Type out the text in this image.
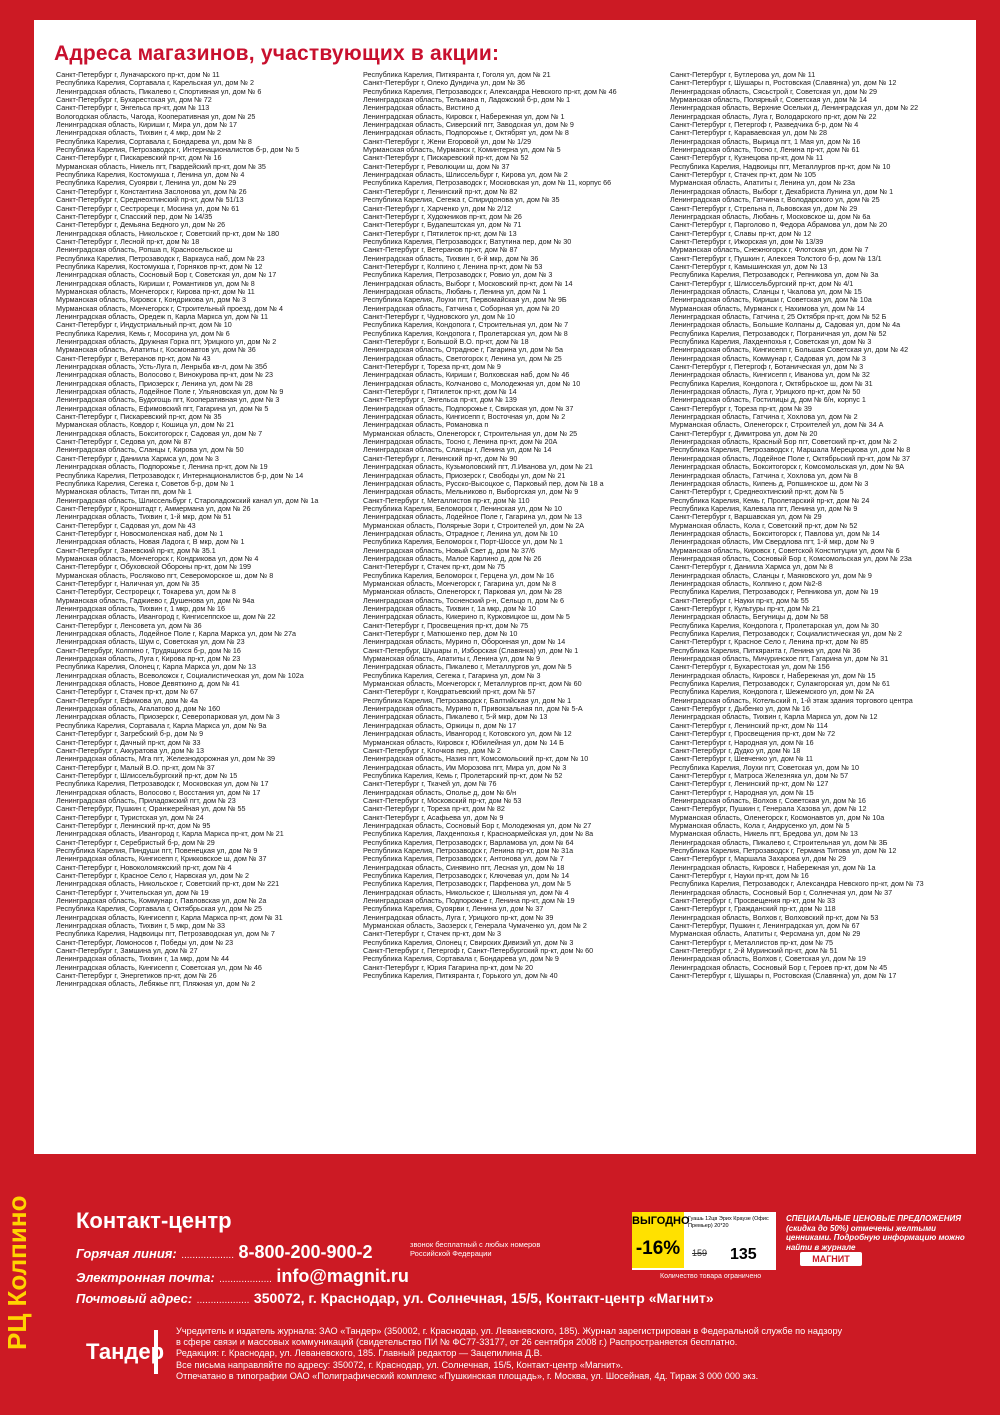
Адреса магазинов, участвующих в акции:
Санкт-Петербург г, Луначарского пр-кт, дом № 11
Республика Карелия, Сортавала г, Карельская ул, дом № 2
Ленинградская область, Пикалево г, Спортивная ул, дом № 6
Санкт-Петербург г, Бухарестская ул, дом № 72
Санкт-Петербург г, Энгельса пр-кт, дом № 113
Вологодская область, Чагода, Кооперативная ул, дом № 25
Ленинградская область, Кириши г, Мира ул, дом № 17
Ленинградская область, Тихвин г, 4 мкр, дом № 2
Республика Карелия, Сортавала г, Бондарева ул, дом № 8
Республика Карелия, Петрозаводск г, Интернационалистов б-р, дом № 5
Санкт-Петербург г, Пискаревский пр-кт, дом № 16
Мурманская область, Никель пгт, Гвардейский пр-кт, дом № 35
Республика Карелия, Костомукша г, Ленина ул, дом № 4
Республика Карелия, Суоярви г, Ленина ул, дом № 29
Санкт-Петербург г, Константина Заслонова ул, дом № 26
Санкт-Петербург г, Среднеохтинский пр-кт, дом № 51/13
Санкт-Петербург г, Сестрорецк г, Мосина ул, дом № 61
Санкт-Петербург г, Спасский пер, дом № 14/35
Санкт-Петербург г, Демьяна Бедного ул, дом № 26
Ленинградская область, Никольское г, Советский пр-кт, дом № 180
Санкт-Петербург г, Лесной пр-кт, дом № 18
Ленинградская область, Ропша п, Красносельское ш
Республика Карелия, Петрозаводск г, Варкауса наб, дом № 23
Республика Карелия, Костомукша г, Горняков пр-кт, дом № 12
Ленинградская область, Сосновый Бор г, Советская ул, дом № 17
Ленинградская область, Кириши г, Романтиков ул, дом № 8
Мурманская область, Мончегорск г, Кирова пр-кт, дом № 11
Мурманская область, Кировск г, Кондрикова ул, дом № 3
Мурманская область, Мончегорск г, Строительный проезд, дом № 4
Ленинградская область, Оредеж п, Карла Маркса ул, дом № 11
Санкт-Петербург г, Индустриальный пр-кт, дом № 10
Республика Карелия, Кемь г, Мосорина ул, дом № 6
Ленинградская область, Дружная Горка пгт, Урицкого ул, дом № 2
Мурманская область, Апатиты г, Космонавтов ул, дом № 36
Санкт-Петербург г, Ветеранов пр-кт, дом № 43
Ленинградская область, Усть-Луга п, Ленрыба кв-л, дом № 35б
Ленинградская область, Волосово г, Винокурова пр-кт, дом № 23
Ленинградская область, Приозерск г, Ленина ул, дом № 28
Ленинградская область, Лодейное Поле г, Ульяновская ул, дом № 9
Ленинградская область, Будогощь пгт, Кооперативная ул, дом № 3
Ленинградская область, Ефимовский пгт, Гагарина ул, дом № 5
Санкт-Петербург г, Пискаревский пр-кт, дом № 35
Мурманская область, Ковдор г, Кошица ул, дом № 21
Ленинградская область, Бокситогорск г, Садовая ул, дом № 7
Санкт-Петербург г, Седова ул, дом № 87
Ленинградская область, Сланцы г, Кирова ул, дом № 50
Санкт-Петербург г, Даниила Хармса ул, дом № 3
Ленинградская область, Подпорожье г, Ленина пр-кт, дом № 19
Республика Карелия, Петрозаводск г, Интернационалистов б-р, дом № 14
Республика Карелия, Сегежа г, Советов б-р, дом № 1
Мурманская область, Титан пп, дом № 1
Ленинградская область, Шлиссельбург г, Староладожский канал ул, дом № 1а
Санкт-Петербург г, Кронштадт г, Аммермана ул, дом № 26
Ленинградская область, Тихвин г, 1-й мкр, дом № 51
Санкт-Петербург г, Садовая ул, дом № 43
Санкт-Петербург г, Новосмоленская наб, дом № 1
Ленинградская область, Новая Ладога г, В мкр, дом № 1
Санкт-Петербург г, Заневский пр-кт, дом № 35.1
Мурманская область, Мончегорск г, Кондрикова ул, дом № 4
Санкт-Петербург г, Обуховской Обороны пр-кт, дом № 199
Мурманская область, Росляково пгт, Североморское ш, дом № 8
Санкт-Петербург г, Наличная ул, дом № 35
Санкт-Петербург, Сестрорецк г, Токарева ул, дом № 8
Мурманская область, Гаджиево г, Душенова ул, дом № 94а
Ленинградская область, Тихвин г, 1 мкр, дом № 16
Ленинградская область, Ивангород г, Кингисеппское ш, дом № 22
Санкт-Петербург г, Ленсовета ул, дом № 36
Ленинградская область, Лодейное Поле г, Карла Маркса ул, дом № 27а
Ленинградская область, Шум с, Советская ул, дом № 23
Санкт-Петербург, Колпино г, Трудящихся б-р, дом № 16
Ленинградская область, Луга г, Кирова пр-кт, дом № 23
Республика Карелия, Олонец г, Карла Маркса ул, дом № 13
Ленинградская область, Всеволожск г, Социалистическая ул, дом № 102а
Ленинградская область, Новое Девяткино д, дом № 41
Санкт-Петербург г, Стачек пр-кт, дом № 67
Санкт-Петербург г, Ефимова ул, дом № 4а
Ленинградская область, Агалатово д, дом № 160
Ленинградская область, Приозерск г, Северопарковая ул, дом № 3
Республика Карелия, Сортавала г, Карла Маркса ул, дом № 9а
Санкт-Петербург г, Загребский б-р, дом № 9
Санкт-Петербург г, Дачный пр-кт, дом № 33
Санкт-Петербург г, Аккуратова ул, дом № 13
Ленинградская область, Мга пгт, Железнодорожная ул, дом № 39
Санкт-Петербург г, Малый В.О. пр-кт, дом № 37
Санкт-Петербург г, Шлиссельбургский пр-кт, дом № 15
Республика Карелия, Петрозаводск г, Московская ул, дом № 17
Ленинградская область, Волосово г, Восстания ул, дом № 17
Ленинградская область, Приладожский пгт, дом № 23
Санкт-Петербург, Пушкин г, Оранжерейная ул, дом № 55
Санкт-Петербург г, Туристская ул, дом № 24
Санкт-Петербург г, Ленинский пр-кт, дом № 95
Ленинградская область, Ивангород г, Карла Маркса пр-кт, дом № 21
Санкт-Петербург г, Серебристый б-р, дом № 29
Республика Карелия, Пиндуши пгт, Повенецкая ул, дом № 9
Ленинградская область, Кингисепп г, Крикковское ш, дом № 37
Санкт-Петербург г, Новоколомяжский пр-кт, дом № 4
Санкт-Петербург г, Красное Село г, Нарвская ул, дом № 2
Ленинградская область, Никольское г, Советский пр-кт, дом № 221
Санкт-Петербург г, Учительская ул, дом № 19
Ленинградская область, Коммунар г, Павловская ул, дом № 2а
Республика Карелия, Сортавала г, Октябрьская ул, дом № 25
Ленинградская область, Кингисепп г, Карла Маркса пр-кт, дом № 31
Ленинградская область, Тихвин г, 5 мкр, дом № 33
Республика Карелия, Надвоицы пгт, Петрозаводская ул, дом № 7
Санкт-Петербург, Ломоносов г, Победы ул, дом № 23
Санкт-Петербург г, Замшина ул, дом № 27
Ленинградская область, Тихвин г, 1а мкр, дом № 44
Ленинградская область, Кингисепп г, Советская ул, дом № 46
Санкт-Петербург г, Энергетиков пр-кт, дом № 26
Ленинградская область, Лебяжье пгт, Пляжная ул, дом № 2
Республика Карелия, Питкяранта г, Гоголя ул, дом № 21
Санкт-Петербург г, Олеко Дундича ул, дом № 36
Республика Карелия, Петрозаводск г, Александра Невского пр-кт, дом № 46
Ленинградская область, Тельмана п, Ладожский б-р, дом № 1
Ленинградская область, Вистино д
Ленинградская область, Кировск г, Набережная ул, дом № 1
Ленинградская область, Сиверский пгт, Заводская ул, дом № 9
Ленинградская область, Подпорожье г, Октябрят ул, дом № 8
Санкт-Петербург г, Жени Егоровой ул, дом № 1/29
Мурманская область, Мурманск г, Коминтерна ул, дом № 5
Санкт-Петербург г, Пискаревский пр-кт, дом № 52
Санкт-Петербург г, Революции ш, дом № 37
Ленинградская область, Шлиссельбург г, Кирова ул, дом № 2
Республика Карелия, Петрозаводск г, Московская ул, дом № 11, корпус 66
Санкт-Петербург г, Ленинский пр-кт, дом № 82
Республика Карелия, Сегежа г, Спиридонова ул, дом № 35
Санкт-Петербург г, Харченко ул, дом № 2/12
Санкт-Петербург г, Художников пр-кт, дом № 26
Санкт-Петербург г, Будапештская ул, дом № 71
Санкт-Петербург г, Пятилеток пр-кт, дом № 13
Республика Карелия, Петрозаводск г, Ватутина пер, дом № 30
Санкт-Петербург г, Ветеранов пр-кт, дом № 87
Ленинградская область, Тихвин г, 6-й мкр, дом № 36
Санкт-Петербург г, Колпино г, Ленина пр-кт, дом № 53
Республика Карелия, Петрозаводск г, Ровио ул, дом № 3
Ленинградская область, Выборг г, Московский пр-кт, дом № 14
Ленинградская область, Любань г, Ленина ул, дом № 1
Республика Карелия, Лоухи пгт, Первомайская ул, дом № 9Б
Ленинградская область, Гатчина г, Соборная ул, дом № 20
Санкт-Петербург г, Чудновского ул, дом № 10
Республика Карелия, Кондопога г, Строительная ул, дом № 7
Республика Карелия, Кондопога г, Пролетарская ул, дом № 8
Санкт-Петербург г, Большой В.О. пр-кт, дом № 18
Ленинградская область, Отрадное г, Гагарина ул, дом № 5а
Ленинградская область, Светогорск г, Ленина ул, дом № 25
Санкт-Петербург г, Тореза пр-кт, дом № 9
Ленинградская область, Кириши г, Волховская наб, дом № 46
Ленинградская область, Колчаново с, Молодежная ул, дом № 10
Санкт-Петербург г, Пятилеток пр-кт, дом № 14
Санкт-Петербург г, Энгельса пр-кт, дом № 139
Ленинградская область, Подпорожье г, Свирская ул, дом № 37
Ленинградская область, Кингисепп г, Восточная ул, дом № 2
Ленинградская область, Романовка п
Мурманская область, Оленегорск г, Строительная ул, дом № 25
Ленинградская область, Тосно г, Ленина пр-кт, дом № 20А
Ленинградская область, Сланцы г, Ленина ул, дом № 14
Санкт-Петербург г, Ленинский пр-кт, дом № 90
Ленинградская область, Кузьмоловский пгт, Л.Иванова ул, дом № 21
Ленинградская область, Приозерск г, Свободы ул, дом № 21
Ленинградская область, Русско-Высоцкое с, Парковый пер, дом № 18 а
Ленинградская область, Мельниково п, Выборгская ул, дом № 9
Санкт-Петербург г, Металлистов пр-кт, дом № 110
Республика Карелия, Беломорск г, Ленинская ул, дом № 10
Ленинградская область, Лодейное Поле г, Гагарина ул, дом № 13
Мурманская область, Полярные Зори г, Строителей ул, дом № 2А
Ленинградская область, Отрадное г, Ленина ул, дом № 10
Республика Карелия, Беломорск г, Порт-Шоссе ул, дом № 1
Ленинградская область, Новый Свет д, дом № 37/6
Ленинградская область, Малое Карлино д, дом № 26
Санкт-Петербург г, Стачек пр-кт, дом № 75
Республика Карелия, Беломорск г, Герцена ул, дом № 16
Мурманская область, Мончегорск г, Гагарина ул, дом № 8
Мурманская область, Оленегорск г, Парковая ул, дом № 28
Ленинградская область, Тосненский р-н, Сельцо п, дом № 6
Ленинградская область, Тихвин г, 1а мкр, дом № 10
Ленинградская область, Кикерино п, Курковицкое ш, дом № 5
Санкт-Петербург г, Просвещения пр-кт, дом № 75
Санкт-Петербург г, Матюшенко пер, дом № 10
Ленинградская область, Мурино п, Оборонная ул, дом № 14
Санкт-Петербург, Шушары п, Изборская (Славянка) ул, дом № 1
Мурманская область, Апатиты г, Ленина ул, дом № 9
Ленинградская область, Пикалево г, Металлургов ул, дом № 5
Республика Карелия, Сегежа г, Гагарина ул, дом № 3
Мурманская область, Мончегорск г, Металлургов пр-кт, дом № 60
Санкт-Петербург г, Кондратьевский пр-кт, дом № 57
Республика Карелия, Петрозаводск г, Балтийская ул, дом № 1
Ленинградская область, Мурино п, Привокзальная пл, дом № 5-А
Ленинградская область, Пикалево г, 5-й мкр, дом № 13
Ленинградская область, Оржицы п, дом № 17
Ленинградская область, Ивангород г, Котовского ул, дом № 12
Мурманская область, Кировск г, Юбилейная ул, дом № 14 Б
Санкт-Петербург г, Клочков пер, дом № 2
Ленинградская область, Назия пгт, Комсомольский пр-кт, дом № 10
Ленинградская область, Им Морозова пгт, Мира ул, дом № 3
Республика Карелия, Кемь г, Пролетарский пр-кт, дом № 52
Санкт-Петербург г, Ткачей ул, дом № 76
Ленинградская область, Ополье д, дом № 6/н
Санкт-Петербург г, Московский пр-кт, дом № 53
Санкт-Петербург г, Тореза пр-кт, дом № 82
Санкт-Петербург г, Асафьева ул, дом № 9
Ленинградская область, Сосновый Бор г, Молодежная ул, дом № 27
Республика Карелия, Лахденпохья г, Красноармейская ул, дом № 8а
Республика Карелия, Петрозаводск г, Варламова ул, дом № 64
Республика Карелия, Петрозаводск г, Ленина пр-кт, дом № 31а
Республика Карелия, Петрозаводск г, Антонова ул, дом № 7
Ленинградская область, Синявино пгт, Лесная ул, дом № 18
Республика Карелия, Петрозаводск г, Ключевая ул, дом № 14
Республика Карелия, Петрозаводск г, Парфенова ул, дом № 5
Ленинградская область, Никольское г, Школьная ул, дом № 4
Ленинградская область, Подпорожье г, Ленина пр-кт, дом № 19
Республика Карелия, Суоярви г, Ленина ул, дом № 37
Ленинградская область, Луга г, Урицкого пр-кт, дом № 39
Мурманская область, Заозерск г, Генерала Чумаченко ул, дом № 2
Санкт-Петербург г, Стачек пр-кт, дом № 3
Республика Карелия, Олонец г, Свирских Дивизий ул, дом № 3
Санкт-Петербург г, Петергоф г, Санкт-Петербургский пр-кт, дом № 60
Республика Карелия, Сортавала г, Бондарева ул, дом № 9
Санкт-Петербург г, Юрия Гагарина пр-кт, дом № 20
Республика Карелия, Питкяранта г, Горького ул, дом № 40
Санкт-Петербург г, Бутлерова ул, дом № 11
Санкт-Петербург г, Шушары п, Ростовская (Славянка) ул, дом № 12
Ленинградская область, Сясьстрой г, Советская ул, дом № 29
Мурманская область, Полярный г, Советская ул, дом № 14
Ленинградская область, Верхние Осельки д, Ленинградская ул, дом № 22
Ленинградская область, Луга г, Володарского пр-кт, дом № 22
Санкт-Петербург г, Петергоф г, Разведчика б-р, дом № 4
Санкт-Петербург г, Караваевская ул, дом № 28
Ленинградская область, Вырица пгт, 1 Мая ул, дом № 16
Ленинградская область, Тосно г, Ленина пр-кт, дом № 61
Санкт-Петербург г, Кузнецова пр-кт, дом № 11
Республика Карелия, Надвоицы пгт, Металлургов пр-кт, дом № 10
Санкт-Петербург г, Стачек пр-кт, дом № 105
Мурманская область, Апатиты г, Ленина ул, дом № 23а
Ленинградская область, Выборг г, Декабриста Лунина ул, дом № 1
Ленинградская область, Гатчина г, Володарского ул, дом № 25
Санкт-Петербург г, Стрельна п, Львовская ул, дом № 29
Ленинградская область, Любань г, Московское ш, дом № 6а
Санкт-Петербург г, Парголово п, Федора Абрамова ул, дом № 20
Санкт-Петербург г, Славы пр-кт, дом № 12
Санкт-Петербург г, Ижорская ул, дом № 13/39
Мурманская область, Снежногорск г, Флотская ул, дом № 7
Санкт-Петербург г, Пушкин г, Алексея Толстого б-р, дом № 13/1
Санкт-Петербург г, Камышинская ул, дом № 13
Республика Карелия, Петрозаводск г, Репникова ул, дом № 3а
Санкт-Петербург г, Шлиссельбургский пр-кт, дом № 4/1
Ленинградская область, Сланцы г, Чкалова ул, дом № 15
Ленинградская область, Кириши г, Советская ул, дом № 10а
Мурманская область, Мурманск г, Нахимова ул, дом № 14
Ленинградская область, Гатчина г, 25 Октября пр-кт, дом № 52 Б
Ленинградская область, Большие Колпаны д, Садовая ул, дом № 4а
Республика Карелия, Петрозаводск г, Пограничная ул, дом № 52
Республика Карелия, Лахденпохья г, Советская ул, дом № 3
Ленинградская область, Кингисепп г, Большая Советская ул, дом № 42
Ленинградская область, Коммунар г, Садовая ул, дом № 3
Санкт-Петербург г, Петергоф г, Ботаническая ул, дом № 3
Ленинградская область, Кингисепп г, Иванова ул, дом № 32
Республика Карелия, Кондопога г, Октябрьское ш, дом № 31
Ленинградская область, Луга г, Урицкого пр-кт, дом № 50
Ленинградская область, Гостилицы д, дом № 6/н, корпус 1
Санкт-Петербург г, Тореза пр-кт, дом № 39
Ленинградская область, Гатчина г, Хохлова ул, дом № 2
Мурманская область, Оленегорск г, Строителей ул, дом № 34 А
Санкт-Петербург г, Димитрова ул, дом № 20
Ленинградская область, Красный Бор пгт, Советский пр-кт, дом № 2
Республика Карелия, Петрозаводск г, Маршала Мерецкова ул, дом № 8
Ленинградская область, Лодейное Поле г, Октябрьский пр-кт, дом № 37
Ленинградская область, Бокситогорск г, Комсомольская ул, дом № 9А
Ленинградская область, Гатчина г, Хохлова ул, дом № 8
Ленинградская область, Кипень д, Ропшинское ш, дом № 3
Санкт-Петербург г, Среднеохтинский пр-кт, дом № 5
Республика Карелия, Кемь г, Пролетарский пр-кт, дом № 24
Республика Карелия, Калевала пгт, Ленина ул, дом № 9
Санкт-Петербург г, Варшавская ул, дом № 29
Мурманская область, Кола г, Советский пр-кт, дом № 52
Ленинградская область, Бокситогорск г, Павлова ул, дом № 14
Ленинградская область, Им Свердлова пгт, 1-й мкр, дом № 9
Мурманская область, Кировск г, Советской Конституции ул, дом № 6
Ленинградская область, Сосновый Бор г, Комсомольская ул, дом № 23а
Санкт-Петербург г, Даниила Хармса ул, дом № 8
Ленинградская область, Сланцы г, Маяковского ул, дом № 9
Ленинградская область, Колпино г, дом №2-8
Республика Карелия, Петрозаводск г, Репникова ул, дом № 19
Санкт-Петербург г, Науки пр-кт, дом № 55
Санкт-Петербург г, Культуры пр-кт, дом № 21
Ленинградская область, Бегуницы д, дом № 58
Республика Карелия, Кондопога г, Пролетарская ул, дом № 30
Республика Карелия, Петрозаводск г, Социалистическая ул, дом № 2
Санкт-Петербург г, Красное Село г, Ленина пр-кт, дом № 85
Республика Карелия, Питкяранта г, Ленина ул, дом № 36
Ленинградская область, Мичуринское пгт, Гагарина ул, дом № 31
Санкт-Петербург г, Бухарестская ул, дом № 156
Ленинградская область, Кировск г, Набережная ул, дом № 15
Республика Карелия, Петрозаводск г, Сулажгорская ул, дом № 61
Республика Карелия, Кондопога г, Шежемского ул, дом № 2А
Ленинградская область, Котельский п, 1-й этаж здания торгового центра
Санкт-Петербург г, Дыбенко ул, дом № 16
Ленинградская область, Тихвин г, Карла Маркса ул, дом № 12
Санкт-Петербург г, Ленинский пр-кт, дом № 114
Санкт-Петербург г, Просвещения пр-кт, дом № 72
Санкт-Петербург г, Народная ул, дом № 16
Санкт-Петербург г, Дудко ул, дом № 18
Санкт-Петербург г, Шевченко ул, дом № 11
Республика Карелия, Лоухи пгт, Советская ул, дом № 10
Санкт-Петербург г, Матроса Железняка ул, дом № 57
Санкт-Петербург г, Ленинский пр-кт, дом № 127
Санкт-Петербург г, Народная ул, дом № 15
Ленинградская область, Волхов г, Советская ул, дом № 16
Санкт-Петербург, Пушкин г, Генерала Хазова ул, дом № 12
Мурманская область, Оленегорск г, Космонавтов ул, дом № 10а
Мурманская область, Кола г, Андрусенко ул, дом № 5
Мурманская область, Никель пгт, Бредова ул, дом № 13
Ленинградская область, Пикалево г, Строительная ул, дом № 3Б
Республика Карелия, Петрозаводск г, Германа Титова ул, дом № 12
Санкт-Петербург г, Маршала Захарова ул, дом № 29
Ленинградская область, Кировск г, Набережная ул, дом № 1а
Санкт-Петербург г, Науки пр-кт, дом № 16
Республика Карелия, Петрозаводск г, Александра Невского пр-кт, дом № 73
Ленинградская область, Сосновый Бор г, Солнечная ул, дом № 37
Санкт-Петербург г, Просвещения пр-кт, дом № 33
Санкт-Петербург г, Гражданский пр-кт, дом № 118
Ленинградская область, Волхов г, Волховский пр-кт, дом № 53
Санкт-Петербург, Пушкин г, Ленинградская ул, дом № 67
Мурманская область, Апатиты г, Ферсмана ул, дом № 29
Санкт-Петербург г, Металлистов пр-кт, дом № 75
Санкт-Петербург г, 2-й Муринский пр-кт, дом № 51
Ленинградская область, Волхов г, Советская ул, дом № 19
Ленинградская область, Сосновый Бор г, Героев пр-кт, дом № 45
Санкт-Петербург г, Шушары п, Ростовская (Славянка) ул, дом № 17
РЦ Колпино	Контакт-центр
Горячая линия: ................... 8-800-200-900-2	звонок бесплатный с любых номеров Российской Федерации
Электронная почта: ................... info@magnit.ru
Почтовый адрес: ................... 350072, г. Краснодар, ул. Солнечная, 15/5, Контакт-центр «Магнит»
ВЫГОДНО
-16%
Гуашь 12цв Эрих Краузе (Офис Премьер) 20*20
159 135
Количество товара ограничено
СПЕЦИАЛЬНЫЕ ЦЕНОВЫЕ ПРЕДЛОЖЕНИЯ (скидка до 50%) отмечены желтыми ценниками. Подробную информацию можно найти в журнале
МАГНИТ
Тандер
Учредитель и издатель журнала: ЗАО «Тандер» (350002, г. Краснодар, ул. Леваневского, 185). Журнал зарегистрирован в Федеральной службе по надзору
в сфере связи и массовых коммуникаций (свидетельство ПИ № ФС77-33177, от 26 сентября 2008 г.) Распространяется бесплатно.
Редакция: г. Краснодар, ул. Леваневского, 185. Главный редактор — Зацепилина Д.В.
Все письма направляйте по адресу: 350072, г. Краснодар, ул. Солнечная, 15/5, Контакт-центр «Магнит».
Отпечатано в типографии ОАО «Полиграфический комплекс «Пушкинская площадь», г. Москва, ул. Шосейная, 4д. Тираж 3 000 000 экз.
